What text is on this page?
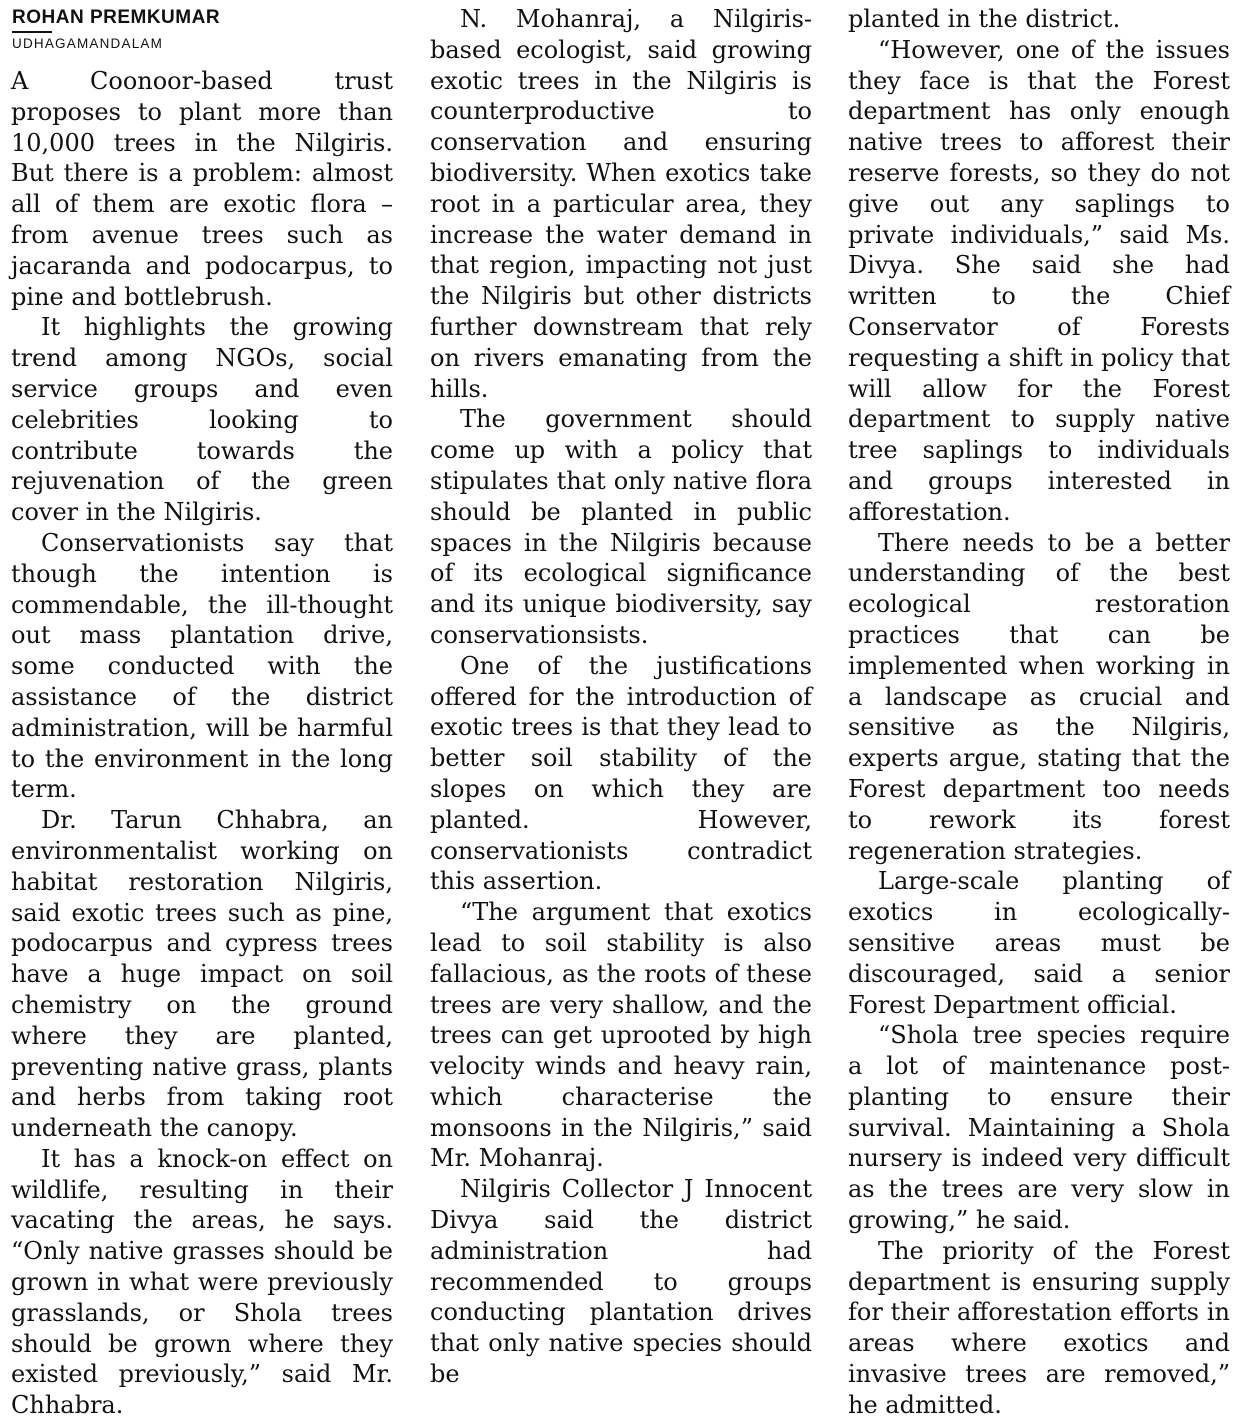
ROHAN PREMKUMAR
UDHAGAMANDALAM

A Coonoor-based trust proposes to plant more than 10,000 trees in the Nilgiris. But there is a problem: almost all of them are exotic flora – from avenue trees such as jacaranda and podocarpus, to pine and bottlebrush.

It highlights the growing trend among NGOs, social service groups and even celebrities looking to contribute towards the rejuvenation of the green cover in the Nilgiris.

Conservationists say that though the intention is commendable, the ill-thought out mass plantation drive, some conducted with the assistance of the district administration, will be harmful to the environment in the long term.

Dr. Tarun Chhabra, an environmentalist working on habitat restoration Nilgiris, said exotic trees such as pine, podocarpus and cypress trees have a huge impact on soil chemistry on the ground where they are planted, preventing native grass, plants and herbs from taking root underneath the canopy.

It has a knock-on effect on wildlife, resulting in their vacating the areas, he says. “Only native grasses should be grown in what were previously grasslands, or Shola trees should be grown where they existed previously,” said Mr. Chhabra.

N. Mohanraj, a Nilgiris-based ecologist, said growing exotic trees in the Nilgiris is counterproductive to conservation and ensuring biodiversity. When exotics take root in a particular area, they increase the water demand in that region, impacting not just the Nilgiris but other districts further downstream that rely on rivers emanating from the hills.

The government should come up with a policy that stipulates that only native flora should be planted in public spaces in the Nilgiris because of its ecological significance and its unique biodiversity, say conservationsists.

One of the justifications offered for the introduction of exotic trees is that they lead to better soil stability of the slopes on which they are planted. However, conservationists contradict this assertion.

“The argument that exotics lead to soil stability is also fallacious, as the roots of these trees are very shallow, and the trees can get uprooted by high velocity winds and heavy rain, which characterise the monsoons in the Nilgiris,” said Mr. Mohanraj.

Nilgiris Collector J Innocent Divya said the district administration had recommended to groups conducting plantation drives that only native species should be

planted in the district.

“However, one of the issues they face is that the Forest department has only enough native trees to afforest their reserve forests, so they do not give out any saplings to private individuals,” said Ms. Divya. She said she had written to the Chief Conservator of Forests requesting a shift in policy that will allow for the Forest department to supply native tree saplings to individuals and groups interested in afforestation.

There needs to be a better understanding of the best ecological restoration practices that can be implemented when working in a landscape as crucial and sensitive as the Nilgiris, experts argue, stating that the Forest department too needs to rework its forest regeneration strategies.

Large-scale planting of exotics in ecologically-sensitive areas must be discouraged, said a senior Forest Department official.

“Shola tree species require a lot of maintenance post-planting to ensure their survival. Maintaining a Shola nursery is indeed very difficult as the trees are very slow in growing,” he said.

The priority of the Forest department is ensuring supply for their afforestation efforts in areas where exotics and invasive trees are removed,” he admitted.
